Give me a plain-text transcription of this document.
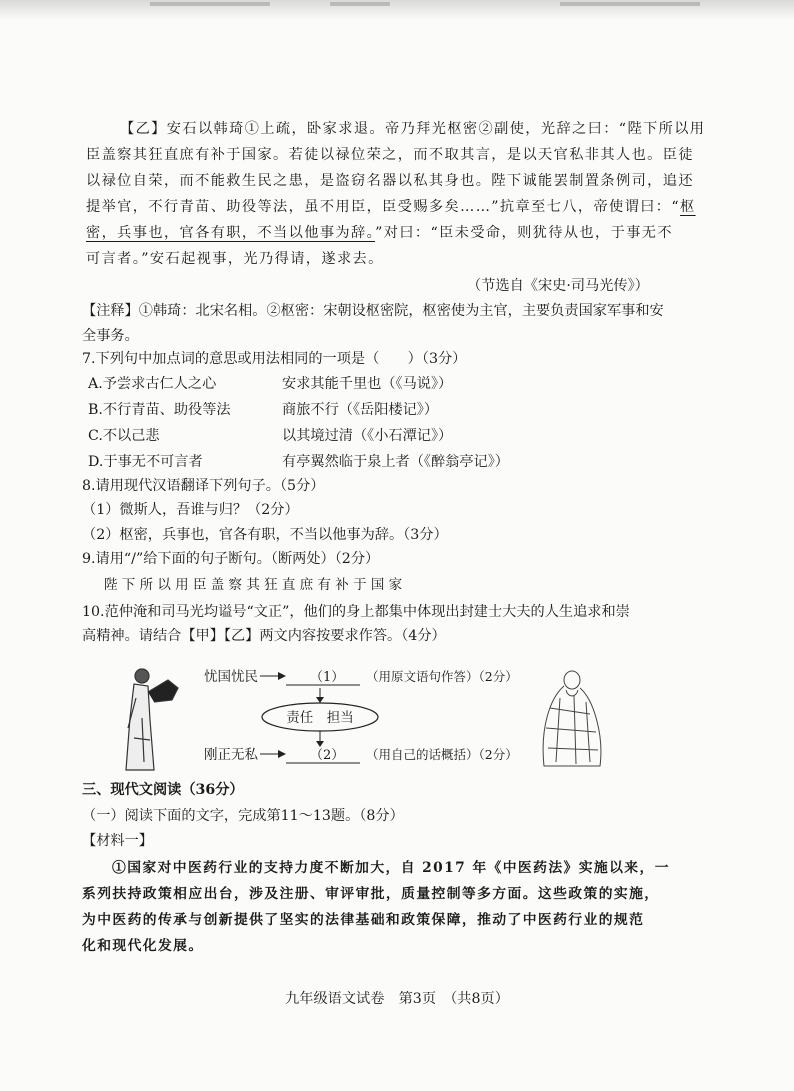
【乙】安石以韩琦①上疏，卧家求退。帝乃拜光枢密②副使，光辞之曰：“陛下所以用
臣盖察其狂直庶有补于国家。若徒以禄位荣之，而不取其言，是以天官私非其人也。臣徒
以禄位自荣，而不能救生民之患，是盗窃名器以私其身也。陛下诚能罢制置条例司，追还
提举官，不行青苗、助役等法，虽不用臣，臣受赐多矣……”抗章至七八，帝使谓曰：“枢
密，兵事也，官各有职，不当以他事为辞。”对曰：“臣未受命，则犹待从也，于事无不
可言者。”安石起视事，光乃得请，遂求去。
（节选自《宋史·司马光传》）
【注释】①韩琦：北宋名相。②枢密：宋朝设枢密院，枢密使为主官，主要负责国家军事和安
全事务。
7.下列句中加点词的意思或用法相同的一项是（　　）（3分）
A.予尝求古仁人之心	安求其能千里也（《马说》）
B.不行青苗、助役等法	商旅不行（《岳阳楼记》）
C.不以己悲	以其境过清（《小石潭记》）
D.于事无不可言者	有亭翼然临于泉上者（《醉翁亭记》）
8.请用现代汉语翻译下列句子。（5分）
（1）微斯人，吾谁与归？（2分）
（2）枢密，兵事也，官各有职，不当以他事为辞。（3分）
9.请用“/”给下面的句子断句。（断两处）（2分）
陛 下 所 以 用 臣 盖 察 其 狂 直 庶 有 补 于 国 家
10.范仲淹和司马光均谥号“文正”，他们的身上都集中体现出封建士大夫的人生追求和崇
高精神。请结合【甲】【乙】两文内容按要求作答。（4分）
忧国忧民	（1） （用原文语句作答）（2分）
责任　担当
刚正无私	（2） （用自己的话概括）（2分）
三、现代文阅读（36分）
（一）阅读下面的文字，完成第11～13题。（8分）
【材料一】
①国家对中医药行业的支持力度不断加大，自 2017 年《中医药法》实施以来，一
系列扶持政策相应出台，涉及注册、审评审批，质量控制等多方面。这些政策的实施，
为中医药的传承与创新提供了坚实的法律基础和政策保障，推动了中医药行业的规范
化和现代化发展。
九年级语文试卷　第3页　（共8页）
